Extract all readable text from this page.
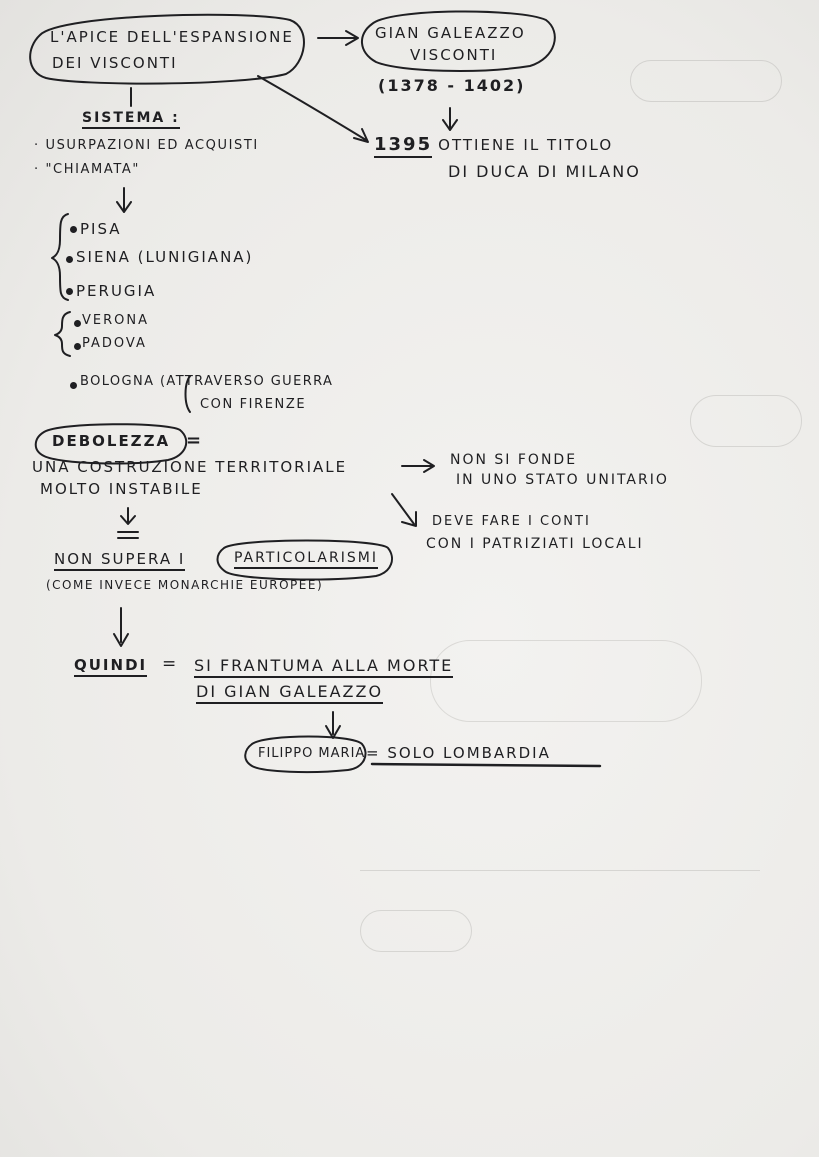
L'APICE DELL'ESPANSIONE
DEI VISCONTI
GIAN GALEAZZO
VISCONTI
(1378 - 1402)
1395
- OTTIENE IL TITOLO
DI DUCA DI MILANO
SISTEMA :
· USURPAZIONI ED ACQUISTI
· "CHIAMATA"
PISA
SIENA (LUNIGIANA)
PERUGIA
VERONA
PADOVA
BOLOGNA (ATTRAVERSO GUERRA
CON FIRENZE
DEBOLEZZA =
UNA COSTRUZIONE TERRITORIALE
MOLTO INSTABILE
NON SI FONDE
IN UNO STATO UNITARIO
DEVE FARE I CONTI
CON I PATRIZIATI LOCALI
NON SUPERA I	PARTICOLARISMI
(COME INVECE MONARCHIE EUROPEE)
QUINDI = SI FRANTUMA ALLA MORTE
DI GIAN GALEAZZO
FILIPPO MARIA = SOLO LOMBARDIA
